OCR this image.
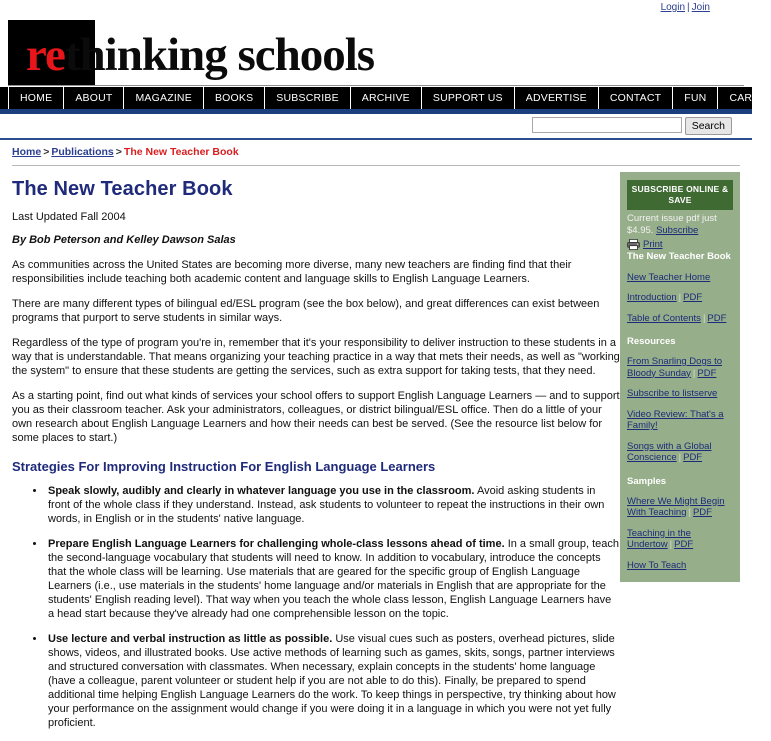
Login | Join
rethinking schools
HOME	ABOUT	MAGAZINE	BOOKS	SUBSCRIBE	ARCHIVE	SUPPORT US	ADVERTISE	CONTACT	FUN	CART
Search
Home > Publications > The New Teacher Book
The New Teacher Book
Last Updated Fall 2004
By Bob Peterson and Kelley Dawson Salas

As communities across the United States are becoming more diverse, many new teachers are finding find that their responsibilities include teaching both academic content and language skills to English Language Learners.

There are many different types of bilingual ed/ESL program (see the box below), and great differences can exist between programs that purport to serve students in similar ways.

Regardless of the type of program you're in, remember that it's your responsibility to deliver instruction to these students in a way that is understandable. That means organizing your teaching practice in a way that mets their needs, as well as "working the system" to ensure that these students are getting the services, such as extra support for taking tests, that they need.

As a starting point, find out what kinds of services your school offers to support English Language Learners — and to support you as their classroom teacher. Ask your administrators, colleagues, or district bilingual/ESL office. Then do a little of your own research about English Language Learners and how their needs can best be served. (See the resource list below for some places to start.)

Strategies For Improving Instruction For English Language Learners
• Speak slowly, audibly and clearly in whatever language you use in the classroom. Avoid asking students in front of the whole class if they understand. Instead, ask students to volunteer to repeat the instructions in their own words, in English or in the students' native language.
• Prepare English Language Learners for challenging whole-class lessons ahead of time. In a small group, teach the second-language vocabulary that students will need to know. In addition to vocabulary, introduce the concepts that the whole class will be learning. Use materials that are geared for the specific group of English Language Learners (i.e., use materials in the students' home language and/or materials in English that are appropriate for the students' English reading level). That way when you teach the whole class lesson, English Language Learners have a head start because they've already had one comprehensible lesson on the topic.
• Use lecture and verbal instruction as little as possible. Use visual cues such as posters, overhead pictures, slide shows, videos, and illustrated books. Use active methods of learning such as games, skits, songs, partner interviews and structured conversation with classmates. When necessary, explain concepts in the students' home language (have a colleague, parent volunteer or student help if you are not able to do this). Finally, be prepared to spend additional time helping English Language Learners do the work. To keep things in perspective, try thinking about how your performance on the assignment would change if you were doing it in a language in which you were not yet fully proficient.
SUBSCRIBE ONLINE & SAVE
Current issue pdf just $4.95. Subscribe
Print
The New Teacher Book
New Teacher Home
Introduction | PDF
Table of Contents | PDF
Resources
From Snarling Dogs to Bloody Sunday | PDF
Subscribe to listserve
Video Review: That's a Family!
Songs with a Global Conscience | PDF
Samples
Where We Might Begin With Teaching | PDF
Teaching in the Undertow | PDF
How To Teach
